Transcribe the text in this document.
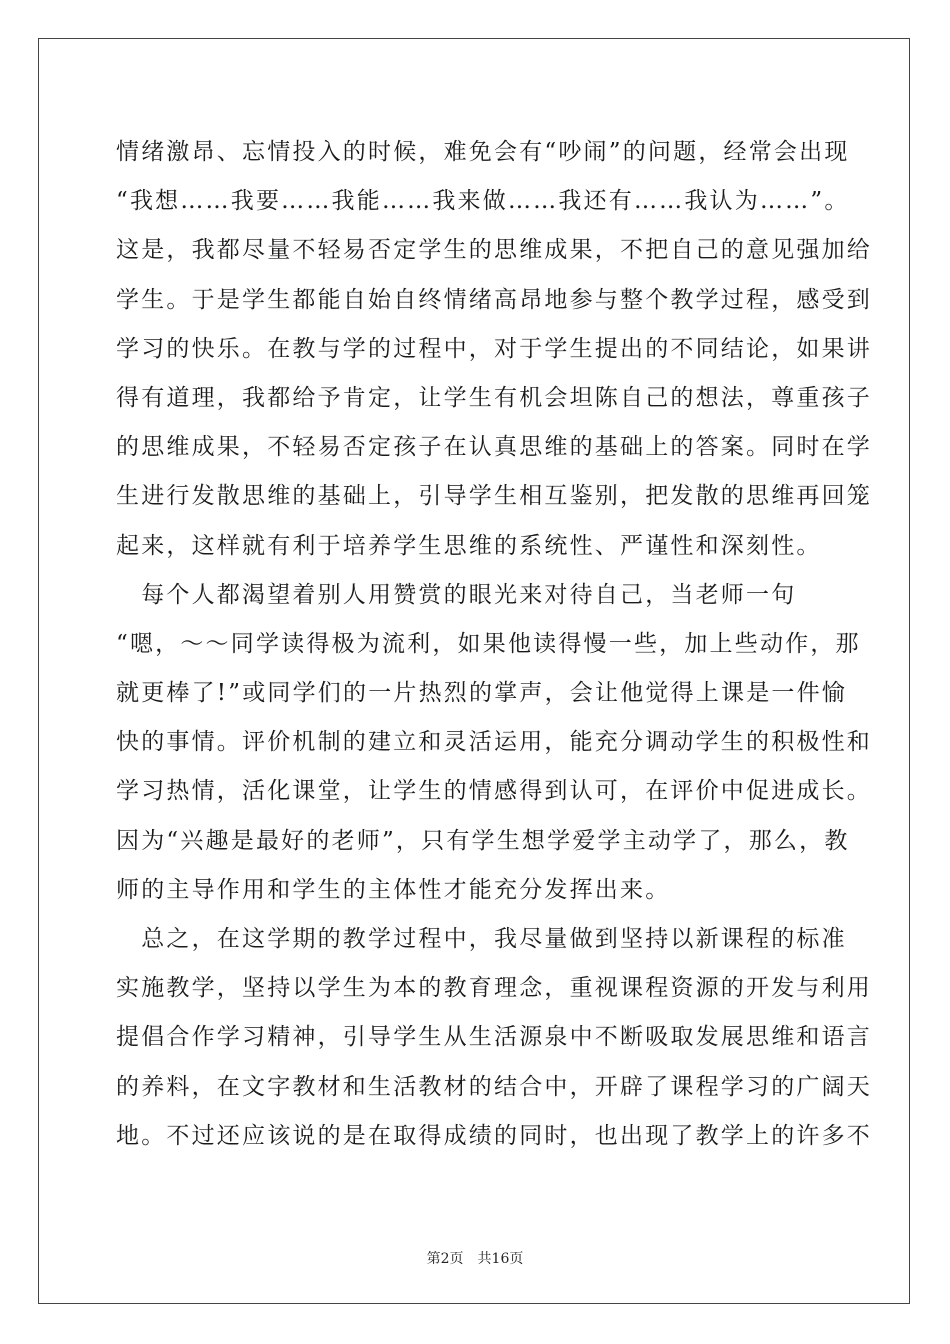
情绪激昂、忘情投入的时候，难免会有“吵闹”的问题，经常会出现
“我想……我要……我能……我来做……我还有……我认为……”。
这是，我都尽量不轻易否定学生的思维成果，不把自己的意见强加给
学生。于是学生都能自始自终情绪高昂地参与整个教学过程，感受到
学习的快乐。在教与学的过程中，对于学生提出的不同结论，如果讲
得有道理，我都给予肯定，让学生有机会坦陈自己的想法，尊重孩子
的思维成果，不轻易否定孩子在认真思维的基础上的答案。同时在学
生进行发散思维的基础上，引导学生相互鉴别，把发散的思维再回笼
起来，这样就有利于培养学生思维的系统性、严谨性和深刻性。
　每个人都渴望着别人用赞赏的眼光来对待自己，当老师一句
“嗯，～～同学读得极为流利，如果他读得慢一些，加上些动作，那
就更棒了!”或同学们的一片热烈的掌声，会让他觉得上课是一件愉
快的事情。评价机制的建立和灵活运用，能充分调动学生的积极性和
学习热情，活化课堂，让学生的情感得到认可，在评价中促进成长。
因为“兴趣是最好的老师”，只有学生想学爱学主动学了，那么，教
师的主导作用和学生的主体性才能充分发挥出来。
　总之，在这学期的教学过程中，我尽量做到坚持以新课程的标准
实施教学，坚持以学生为本的教育理念，重视课程资源的开发与利用
提倡合作学习精神，引导学生从生活源泉中不断吸取发展思维和语言
的养料，在文字教材和生活教材的结合中，开辟了课程学习的广阔天
地。不过还应该说的是在取得成绩的同时，也出现了教学上的许多不
第2页 共16页
